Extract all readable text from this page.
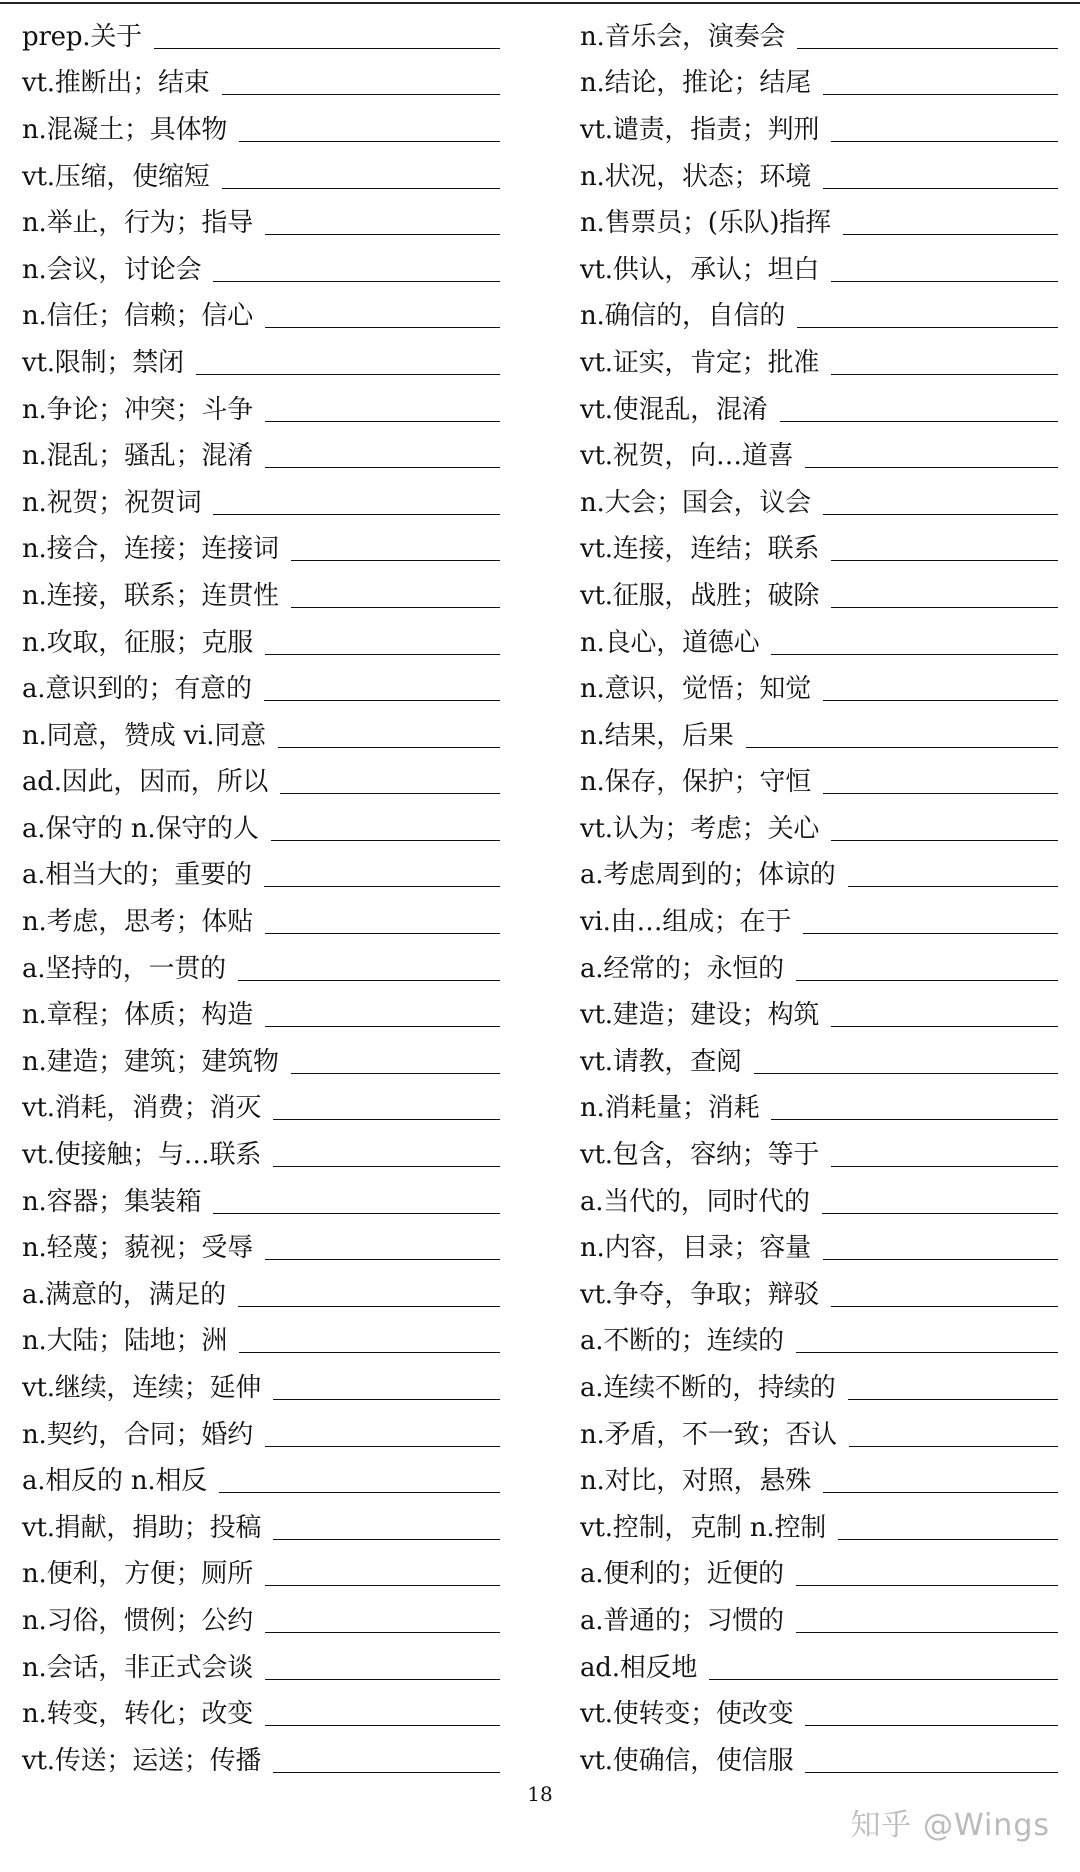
prep.关于
vt.推断出；结束
n.混凝土；具体物
vt.压缩，使缩短
n.举止，行为；指导
n.会议，讨论会
n.信任；信赖；信心
vt.限制；禁闭
n.争论；冲突；斗争
n.混乱；骚乱；混淆
n.祝贺；祝贺词
n.接合，连接；连接词
n.连接，联系；连贯性
n.攻取，征服；克服
a.意识到的；有意的
n.同意，赞成 vi.同意
ad.因此，因而，所以
a.保守的 n.保守的人
a.相当大的；重要的
n.考虑，思考；体贴
a.坚持的，一贯的
n.章程；体质；构造
n.建造；建筑；建筑物
vt.消耗，消费；消灭
vt.使接触；与…联系
n.容器；集装箱
n.轻蔑；藐视；受辱
a.满意的，满足的
n.大陆；陆地；洲
vt.继续，连续；延伸
n.契约，合同；婚约
a.相反的 n.相反
vt.捐献，捐助；投稿
n.便利，方便；厕所
n.习俗，惯例；公约
n.会话，非正式会谈
n.转变，转化；改变
vt.传送；运送；传播
n.音乐会，演奏会
n.结论，推论；结尾
vt.谴责，指责；判刑
n.状况，状态；环境
n.售票员；(乐队)指挥
vt.供认，承认；坦白
n.确信的，自信的
vt.证实，肯定；批准
vt.使混乱，混淆
vt.祝贺，向…道喜
n.大会；国会，议会
vt.连接，连结；联系
vt.征服，战胜；破除
n.良心，道德心
n.意识，觉悟；知觉
n.结果，后果
n.保存，保护；守恒
vt.认为；考虑；关心
a.考虑周到的；体谅的
vi.由…组成；在于
a.经常的；永恒的
vt.建造；建设；构筑
vt.请教，查阅
n.消耗量；消耗
vt.包含，容纳；等于
a.当代的，同时代的
n.内容，目录；容量
vt.争夺，争取；辩驳
a.不断的；连续的
a.连续不断的，持续的
n.矛盾，不一致；否认
n.对比，对照，悬殊
vt.控制，克制 n.控制
a.便利的；近便的
a.普通的；习惯的
ad.相反地
vt.使转变；使改变
vt.使确信，使信服
18
知乎 @Wings
